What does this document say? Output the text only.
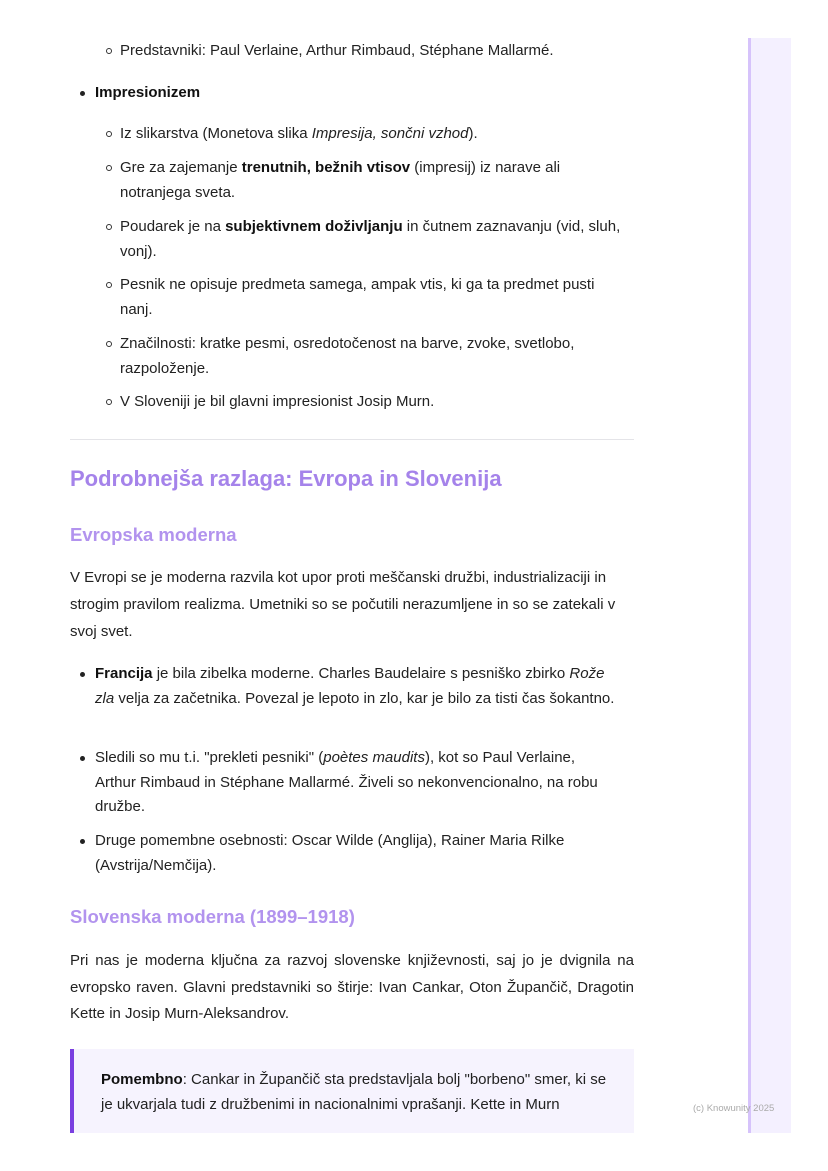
Predstavniki: Paul Verlaine, Arthur Rimbaud, Stéphane Mallarmé.
Impresionizem
Iz slikarstva (Monetova slika Impresija, sončni vzhod).
Gre za zajemanje trenutnih, bežnih vtisov (impresij) iz narave ali notranjega sveta.
Poudarek je na subjektivnem doživljanju in čutnem zaznavanju (vid, sluh, vonj).
Pesnik ne opisuje predmeta samega, ampak vtis, ki ga ta predmet pusti nanj.
Značilnosti: kratke pesmi, osredotočenost na barve, zvoke, svetlobo, razpoloženje.
V Sloveniji je bil glavni impresionist Josip Murn.
Podrobnejša razlaga: Evropa in Slovenija
Evropska moderna
V Evropi se je moderna razvila kot upor proti meščanski družbi, industrializaciji in strogim pravilom realizma. Umetniki so se počutili nerazumljene in so se zatekali v svoj svet.
Francija je bila zibelka moderne. Charles Baudelaire s pesniško zbirko Rože zla velja za začetnika. Povezal je lepoto in zlo, kar je bilo za tisti čas šokantno.
Sledili so mu t.i. "prekleti pesniki" (poètes maudits), kot so Paul Verlaine, Arthur Rimbaud in Stéphane Mallarmé. Živeli so nekonvencionalno, na robu družbe.
Druge pomembne osebnosti: Oscar Wilde (Anglija), Rainer Maria Rilke (Avstrija/Nemčija).
Slovenska moderna (1899–1918)
Pri nas je moderna ključna za razvoj slovenske književnosti, saj jo je dvignila na evropsko raven. Glavni predstavniki so štirje: Ivan Cankar, Oton Župančič, Dragotin Kette in Josip Murn-Aleksandrov.
Pomembno: Cankar in Župančič sta predstavljala bolj "borbeno" smer, ki se je ukvarjala tudi z družbenimi in nacionalnimi vprašanji. Kette in Murn	(c) Knowunity 2025
